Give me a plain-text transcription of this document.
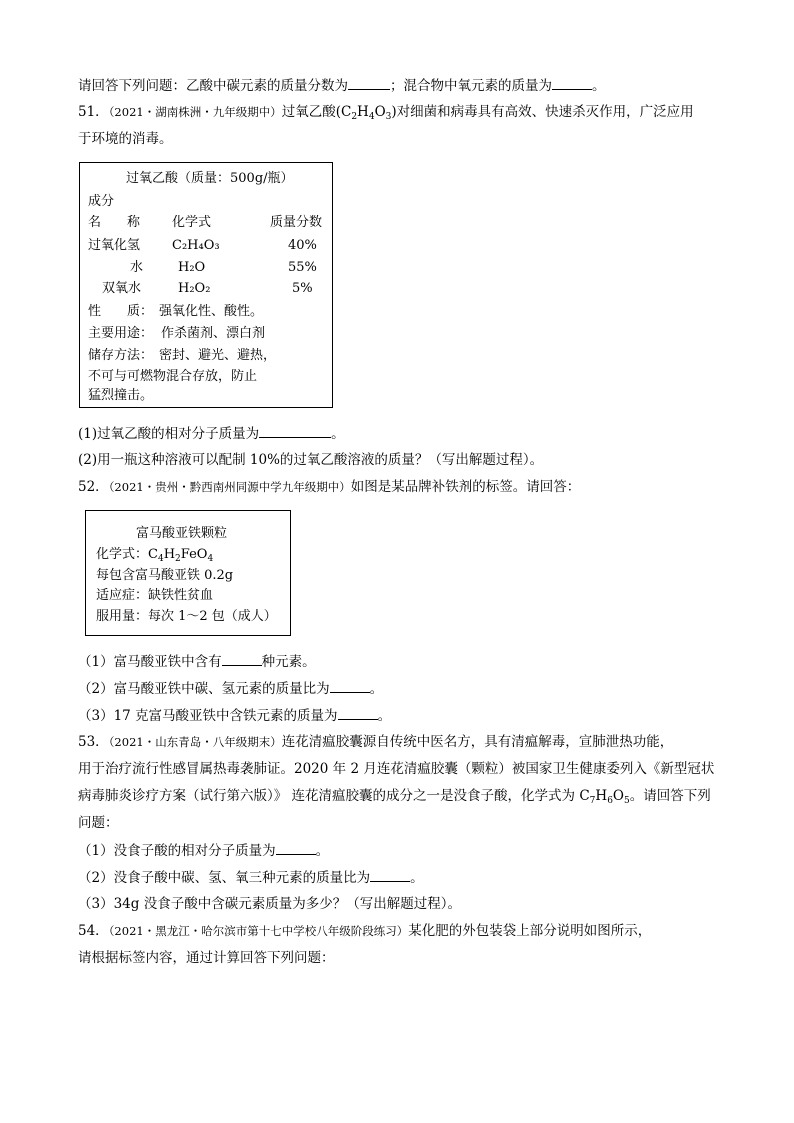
请回答下列问题：乙酸中碳元素的质量分数为	；混合物中氧元素的质量为	。
51．（2021・湖南株洲・九年级期中）过氧乙酸$(C_2H_4O_3)$对细菌和病毒具有高效、快速杀灭作用，广泛应用
于环境的消毒。
过氧乙酸（质量：500g/瓶）
成分
名　　称 化学式	质量分数
过氧化氢 C₂H₄O₃	40%
水	H₂O	55%
双氧水	H₂O₂	5%
性　　质： 强氧化性、酸性。
主要用途： 作杀菌剂、漂白剂
储存方法： 密封、避光、避热，
不可与可燃物混合存放，防止
猛烈撞击。
(1)过氧乙酸的相对分子质量为	。
(2)用一瓶这种溶液可以配制 10%的过氧乙酸溶液的质量？（写出解题过程）。
52．（2021・贵州・黔西南州同源中学九年级期中）如图是某品牌补铁剂的标签。请回答：
富马酸亚铁颗粒
化学式：$C_4H_2FeO_4$
每包含富马酸亚铁 0.2g
适应症：缺铁性贫血
服用量：每次 1～2 包（成人）
（1）富马酸亚铁中含有	种元素。
（2）富马酸亚铁中碳、氢元素的质量比为	。
（3）17 克富马酸亚铁中含铁元素的质量为	。
53．（2021・山东青岛・八年级期末）连花清瘟胶囊源自传统中医名方，具有清瘟解毒，宣肺泄热功能，
用于治疗流行性感冒属热毒袭肺证。2020 年 2 月连花清瘟胶囊（颗粒）被国家卫生健康委列入《新型冠状
病毒肺炎诊疗方案（试行第六版）》 连花清瘟胶囊的成分之一是没食子酸，化学式为 $C_7H_6O_5$。请回答下列
问题：
（1）没食子酸的相对分子质量为	。
（2）没食子酸中碳、氢、氧三种元素的质量比为	。
（3）34g 没食子酸中含碳元素质量为多少？（写出解题过程）。
54．（2021・黑龙江・哈尔滨市第十七中学校八年级阶段练习）某化肥的外包装袋上部分说明如图所示，
请根据标签内容，通过计算回答下列问题：
